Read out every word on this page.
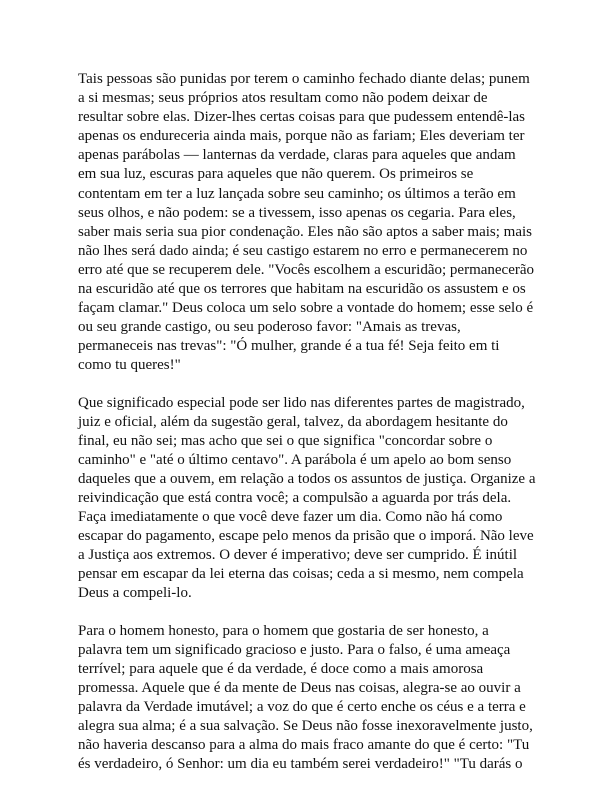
Tais pessoas são punidas por terem o caminho fechado diante delas; punem
a si mesmas; seus próprios atos resultam como não podem deixar de
resultar sobre elas. Dizer-lhes certas coisas para que pudessem entendê-las
apenas os endureceria ainda mais, porque não as fariam; Eles deveriam ter
apenas parábolas — lanternas da verdade, claras para aqueles que andam
em sua luz, escuras para aqueles que não querem. Os primeiros se
contentam em ter a luz lançada sobre seu caminho; os últimos a terão em
seus olhos, e não podem: se a tivessem, isso apenas os cegaria. Para eles,
saber mais seria sua pior condenação. Eles não são aptos a saber mais; mais
não lhes será dado ainda; é seu castigo estarem no erro e permanecerem no
erro até que se recuperem dele. "Vocês escolhem a escuridão; permanecerão
na escuridão até que os terrores que habitam na escuridão os assustem e os
façam clamar." Deus coloca um selo sobre a vontade do homem; esse selo é
ou seu grande castigo, ou seu poderoso favor: "Amais as trevas,
permaneceis nas trevas": "Ó mulher, grande é a tua fé! Seja feito em ti
como tu queres!"
Que significado especial pode ser lido nas diferentes partes de magistrado,
juiz e oficial, além da sugestão geral, talvez, da abordagem hesitante do
final, eu não sei; mas acho que sei o que significa "concordar sobre o
caminho" e "até o último centavo". A parábola é um apelo ao bom senso
daqueles que a ouvem, em relação a todos os assuntos de justiça. Organize a
reivindicação que está contra você; a compulsão a aguarda por trás dela.
Faça imediatamente o que você deve fazer um dia. Como não há como
escapar do pagamento, escape pelo menos da prisão que o imporá. Não leve
a Justiça aos extremos. O dever é imperativo; deve ser cumprido. É inútil
pensar em escapar da lei eterna das coisas; ceda a si mesmo, nem compela
Deus a compeli-lo.
Para o homem honesto, para o homem que gostaria de ser honesto, a
palavra tem um significado gracioso e justo. Para o falso, é uma ameaça
terrível; para aquele que é da verdade, é doce como a mais amorosa
promessa. Aquele que é da mente de Deus nas coisas, alegra-se ao ouvir a
palavra da Verdade imutável; a voz do que é certo enche os céus e a terra e
alegra sua alma; é a sua salvação. Se Deus não fosse inexoravelmente justo,
não haveria descanso para a alma do mais fraco amante do que é certo: "Tu
és verdadeiro, ó Senhor: um dia eu também serei verdadeiro!" "Tu darás o
